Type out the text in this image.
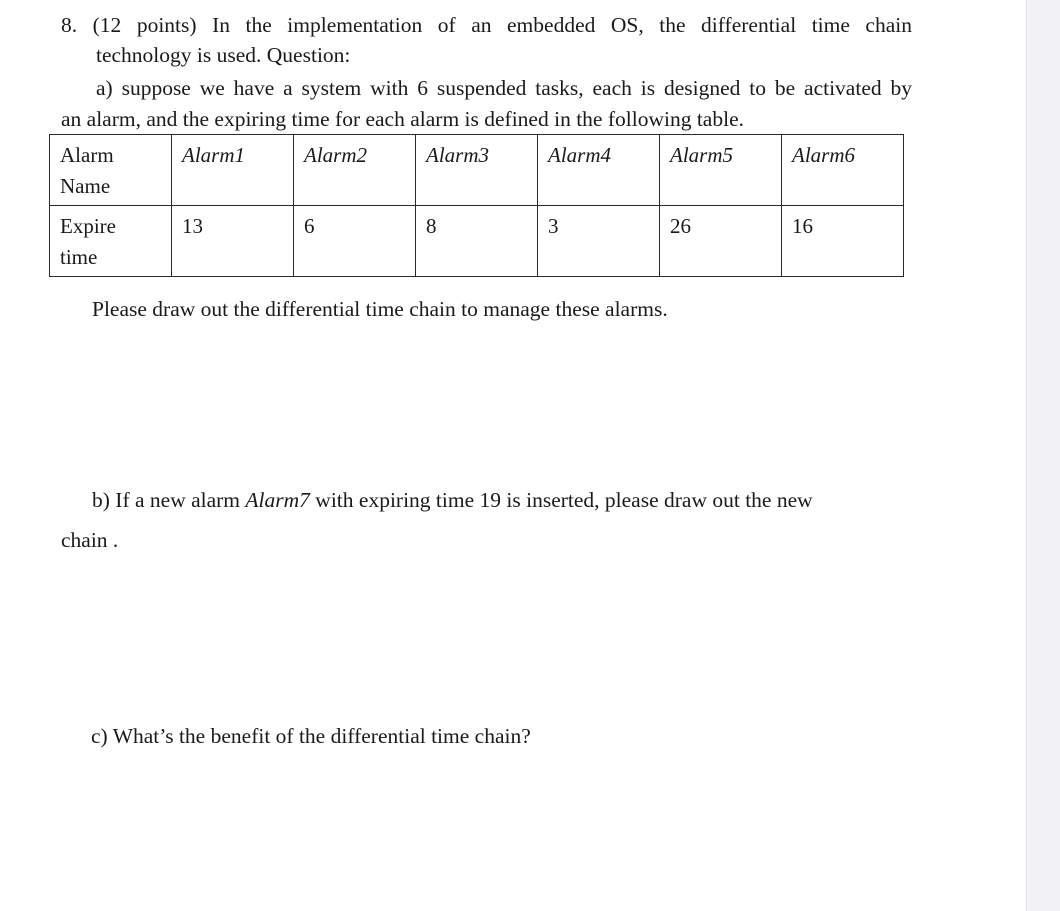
8. (12 points) In the implementation of an embedded OS, the differential time chain
technology is used. Question:
a) suppose we have a system with 6 suspended tasks, each is designed to be activated by
an alarm, and the expiring time for each alarm is defined in the following table.
Alarm
Name	Alarm1	Alarm2	Alarm3	Alarm4	Alarm5	Alarm6
Expire
time	13	6	8	3	26	16
Please draw out the differential time chain to manage these alarms.
b) If a new alarm Alarm7 with expiring time 19 is inserted, please draw out the new
chain .
c) What’s the benefit of the differential time chain?
